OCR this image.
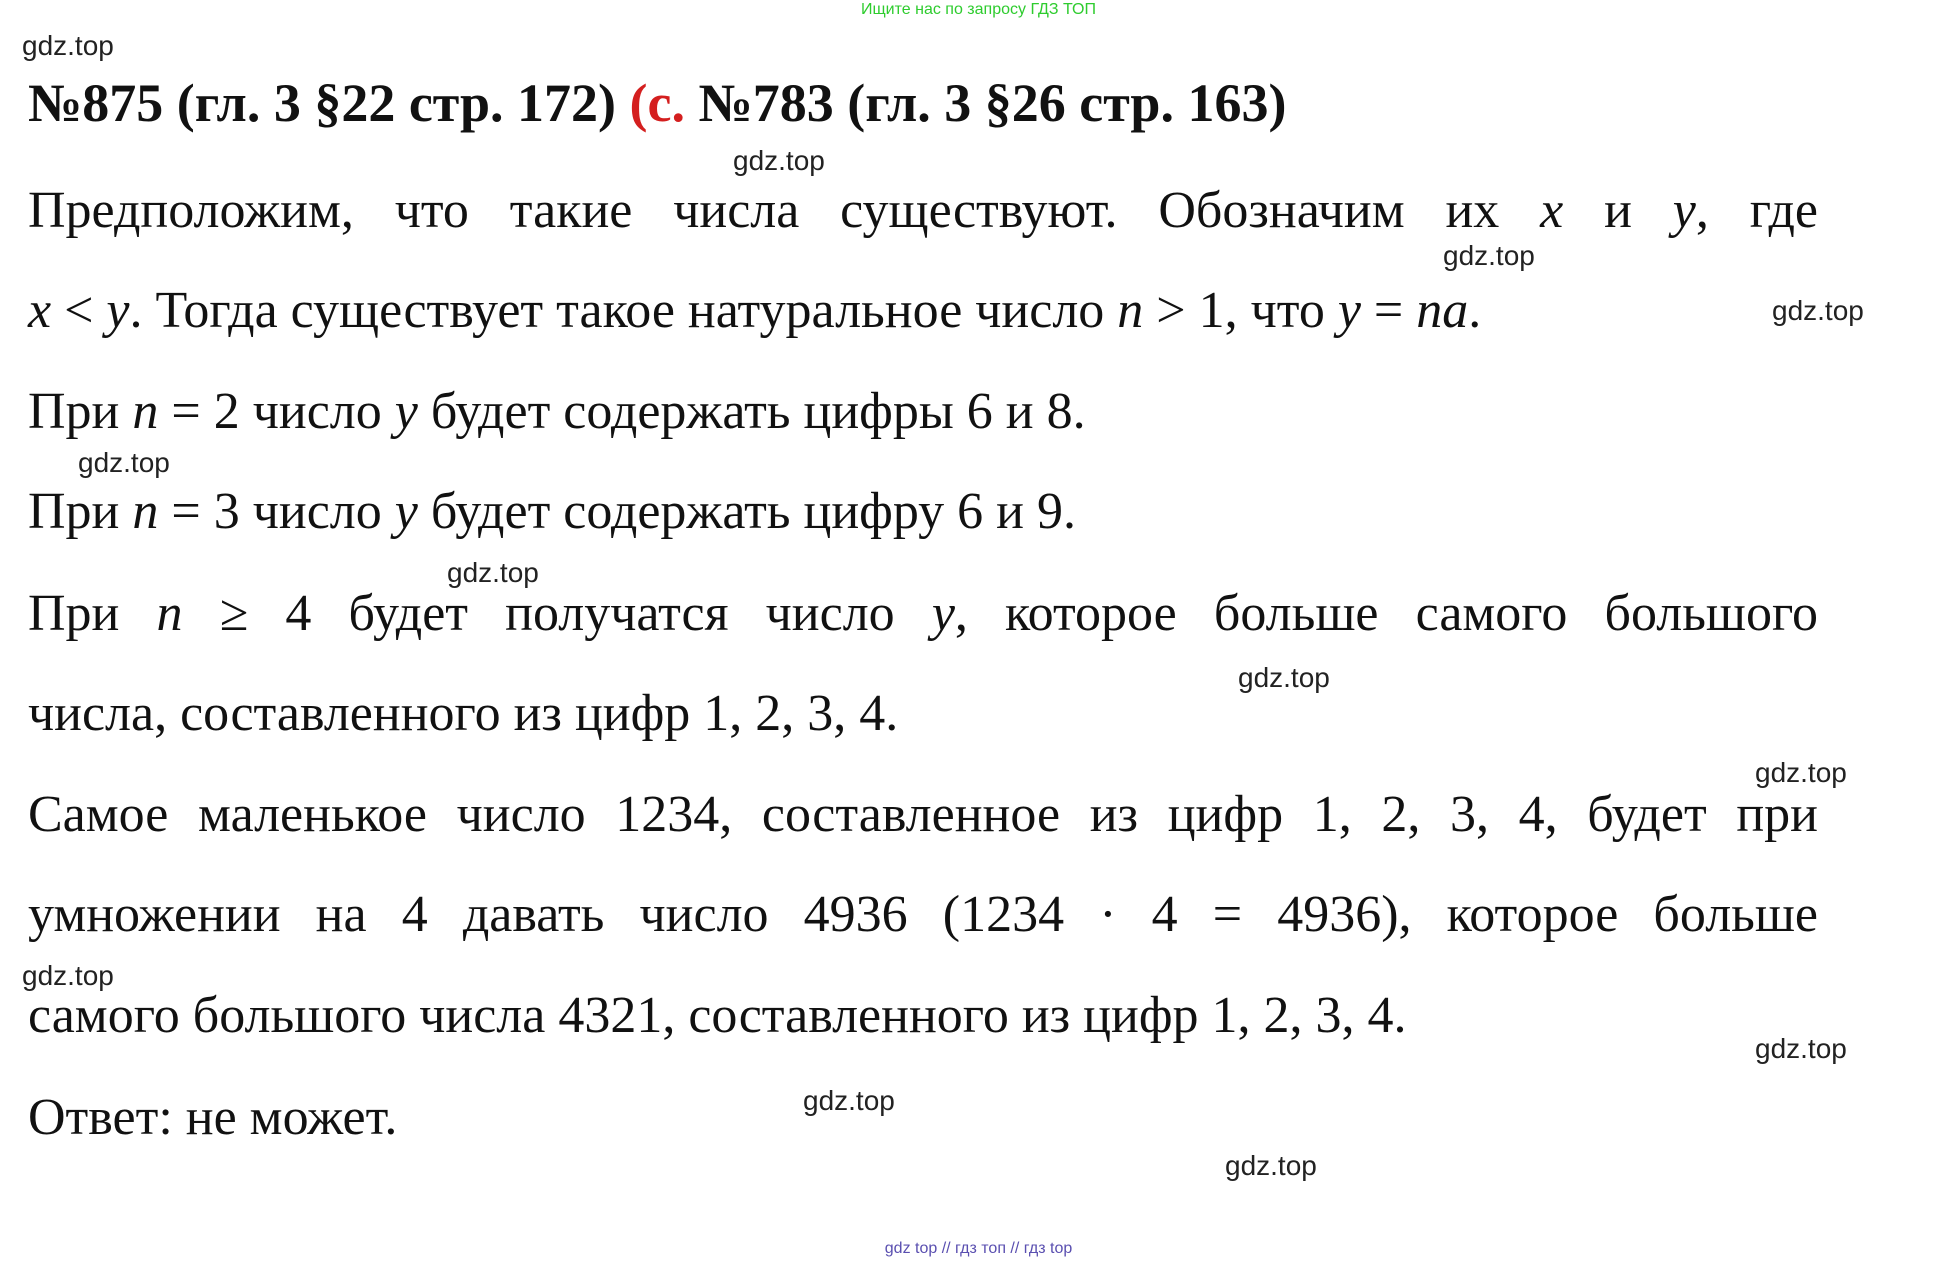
Ищите нас по запросу ГДЗ ТОП
gdz.top
№875 (гл. 3 §22 стр. 172) (с. №783 (гл. 3 §26 стр. 163)
gdz.top
Предположим, что такие числа существуют. Обозначим их x и y, где
gdz.top
x < y. Тогда существует такое натуральное число n > 1, что y = na.	gdz.top
При n = 2 число y будет содержать цифры 6 и 8.
gdz.top
При n = 3 число y будет содержать цифру 6 и 9.
gdz.top
При n ≥ 4 будет получатся число y, которое больше самого большого
gdz.top
числа, составленного из цифр 1, 2, 3, 4.
gdz.top
Самое маленькое число 1234, составленное из цифр 1, 2, 3, 4, будет при
умножении на 4 давать число 4936 (1234 · 4 = 4936), которое больше
gdz.top
самого большого числа 4321, составленного из цифр 1, 2, 3, 4.
gdz.top
gdz.top
Ответ: не может.
gdz.top
gdz top // гдз топ // гдз top
